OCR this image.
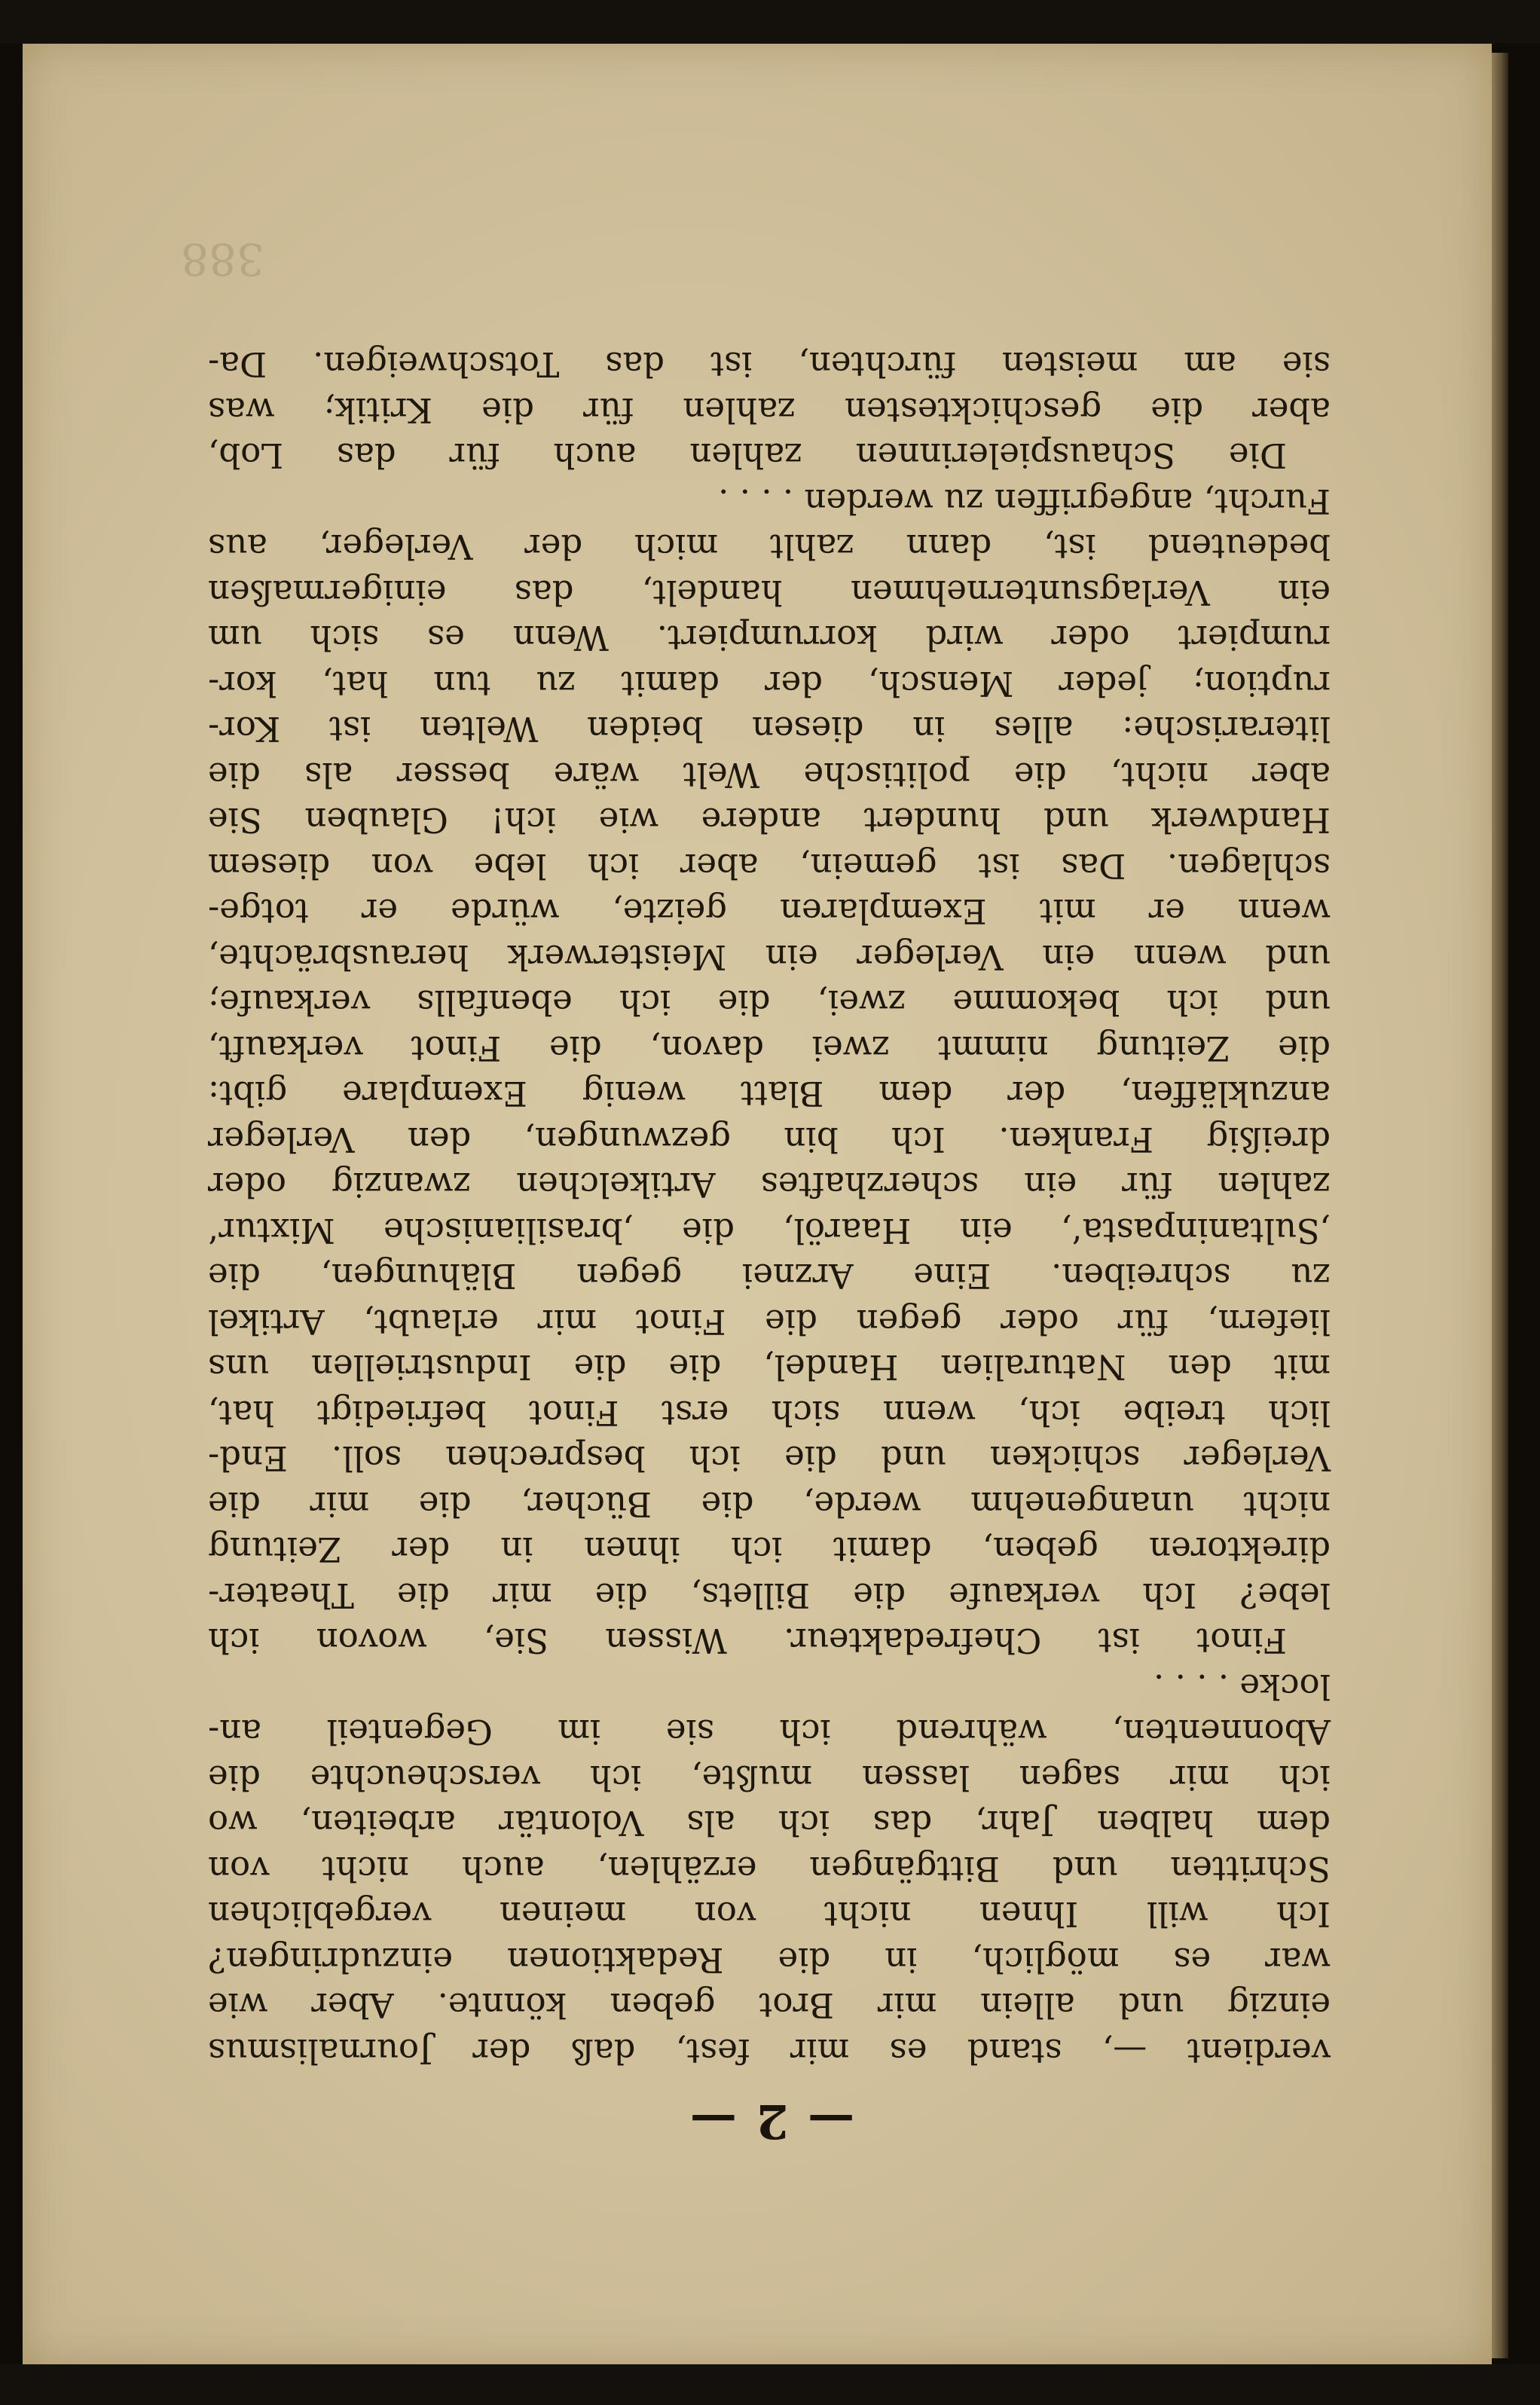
388
— 2 —
verdient —, stand es mir fest, daß der Journalismus
einzig und allein mir Brot geben könnte. Aber wie
war es möglich, in die Redaktionen einzudringen?
Ich will Ihnen nicht von meinen vergeblichen
Schritten und Bittgängen erzählen, auch nicht von
dem halben Jahr, das ich als Volontär arbeiten, wo
ich mir sagen lassen mußte, ich verscheuchte die
Abonnenten, während ich sie im Gegenteil an-
locke . . . .
Finot ist Chefredakteur. Wissen Sie, wovon ich
lebe? Ich verkaufe die Billets, die mir die Theater-
direktoren geben, damit ich ihnen in der Zeitung
nicht unangenehm werde, die Bücher, die mir die
Verleger schicken und die ich besprechen soll. End-
lich treibe ich, wenn sich erst Finot befriedigt hat,
mit den Naturalien Handel, die die Industriellen uns
liefern, für oder gegen die Finot mir erlaubt, Artikel
zu schreiben. Eine Arznei gegen Blähungen, die
‚Sultaninpasta‘, ein Haaröl, die ‚brasilianische Mixtur‘
zahlen für ein scherzhaftes Artikelchen zwanzig oder
dreißig Franken. Ich bin gezwungen, den Verleger
anzukläffen, der dem Blatt wenig Exemplare gibt:
die Zeitung nimmt zwei davon, die Finot verkauft,
und ich bekomme zwei, die ich ebenfalls verkaufe;
und wenn ein Verleger ein Meisterwerk herausbrächte,
wenn er mit Exemplaren geizte, würde er totge-
schlagen. Das ist gemein, aber ich lebe von diesem
Handwerk und hundert andere wie ich! Glauben Sie
aber nicht, die politische Welt wäre besser als die
literarische: alles in diesen beiden Welten ist Kor-
ruption; jeder Mensch, der damit zu tun hat, kor-
rumpiert oder wird korrumpiert. Wenn es sich um
ein Verlagsunternehmen handelt, das einigermaßen
bedeutend ist, dann zahlt mich der Verleger, aus
Furcht, angegriffen zu werden . . . .
Die Schauspielerinnen zahlen auch für das Lob,
aber die geschicktesten zahlen für die Kritik; was
sie am meisten fürchten, ist das Totschweigen. Da-
